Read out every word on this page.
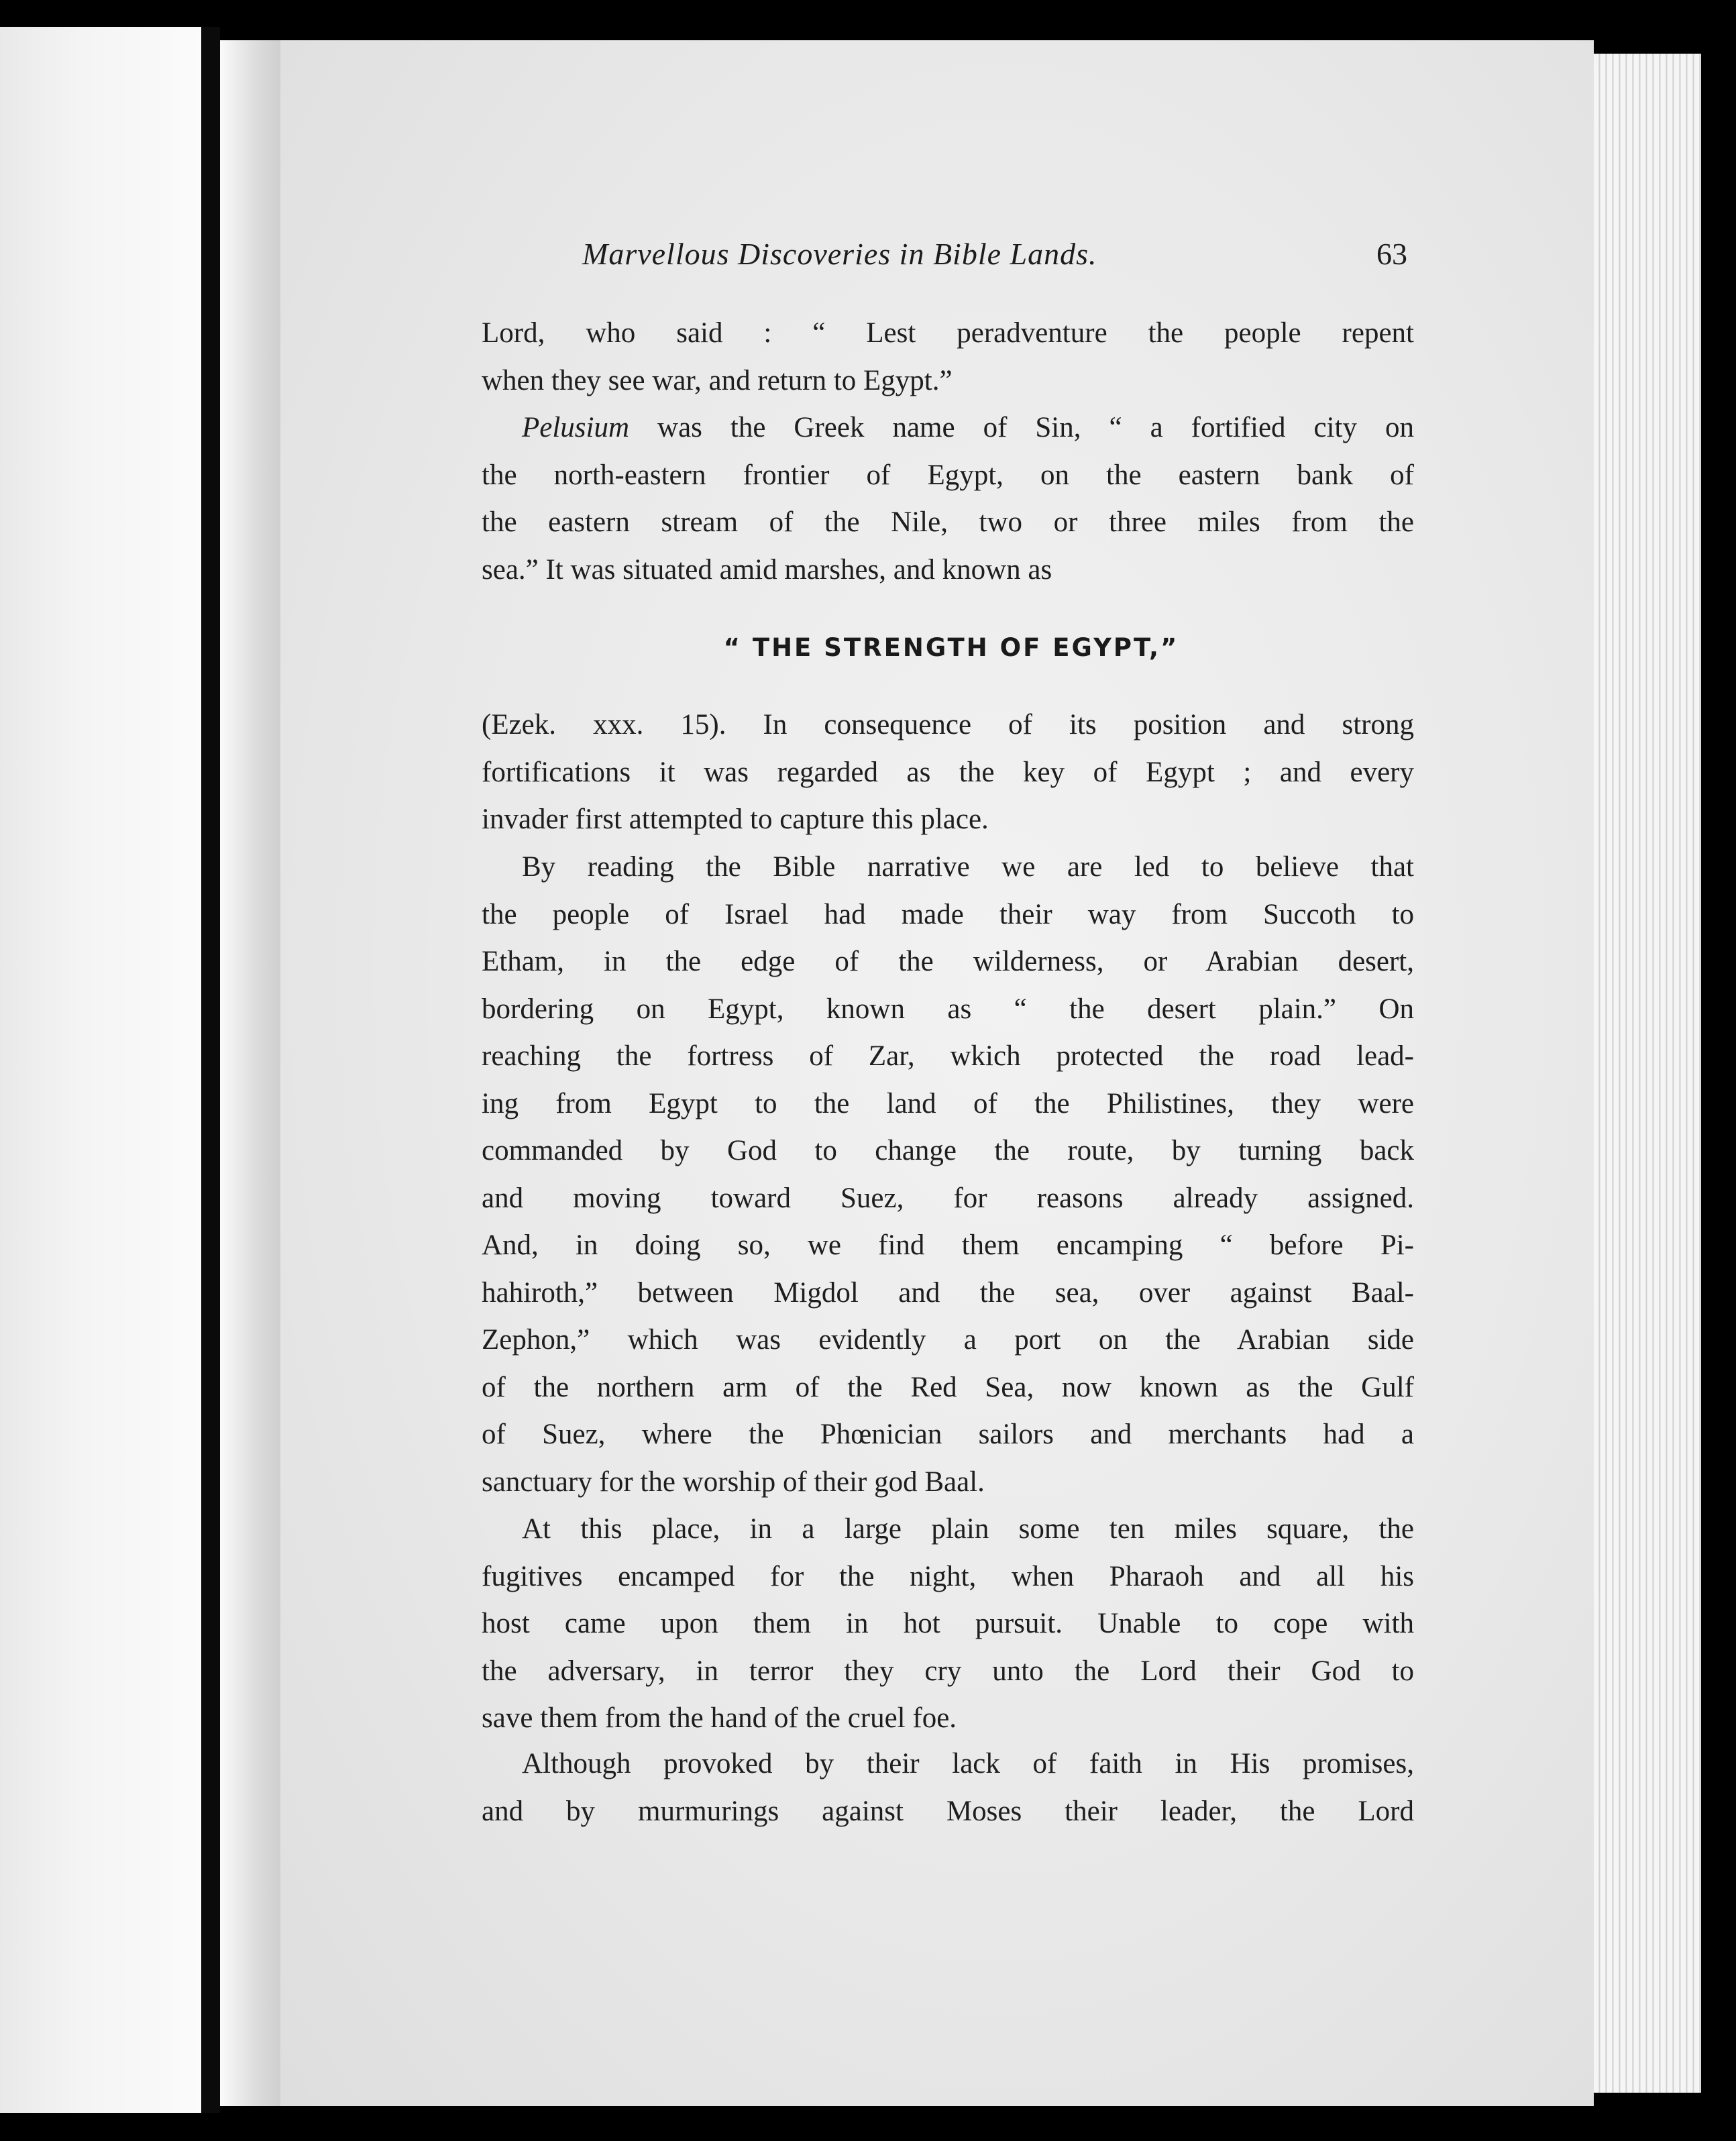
Marvellous Discoveries in Bible Lands.	63
Lord, who said : “ Lest peradventure the people repent
when they see war, and return to Egypt.”
Pelusium was the Greek name of Sin, “ a fortified city on
the north-eastern frontier of Egypt, on the eastern bank of
the eastern stream of the Nile, two or three miles from the
sea.” It was situated amid marshes, and known as
“ THE STRENGTH OF EGYPT,”
(Ezek. xxx. 15). In consequence of its position and strong
fortifications it was regarded as the key of Egypt ; and every
invader first attempted to capture this place.
By reading the Bible narrative we are led to believe that
the people of Israel had made their way from Succoth to
Etham, in the edge of the wilderness, or Arabian desert,
bordering on Egypt, known as “ the desert plain.” On
reaching the fortress of Zar, wkich protected the road lead-
ing from Egypt to the land of the Philistines, they were
commanded by God to change the route, by turning back
and moving toward Suez, for reasons already assigned.
And, in doing so, we find them encamping “ before Pi-
hahiroth,” between Migdol and the sea, over against Baal-
Zephon,” which was evidently a port on the Arabian side
of the northern arm of the Red Sea, now known as the Gulf
of Suez, where the Phœnician sailors and merchants had a
sanctuary for the worship of their god Baal.
At this place, in a large plain some ten miles square, the
fugitives encamped for the night, when Pharaoh and all his
host came upon them in hot pursuit. Unable to cope with
the adversary, in terror they cry unto the Lord their God to
save them from the hand of the cruel foe.
Although provoked by their lack of faith in His promises,
and by murmurings against Moses their leader, the Lord
